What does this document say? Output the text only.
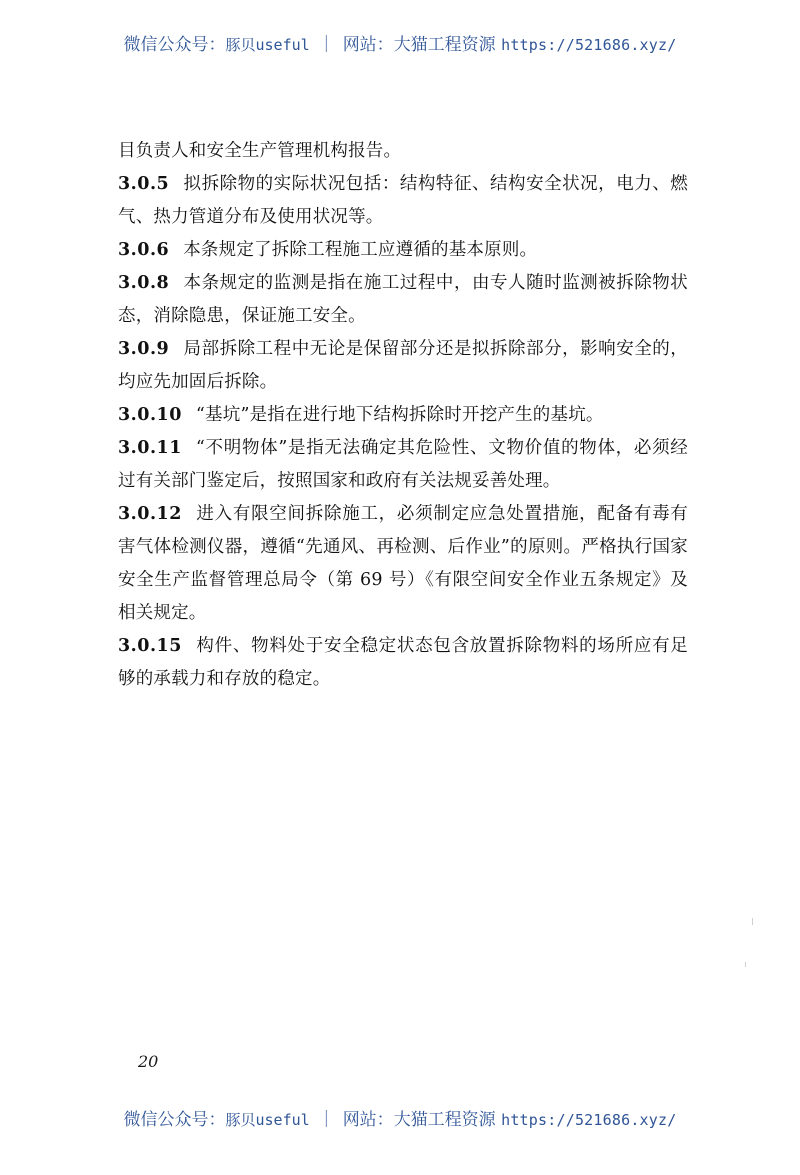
微信公众号：豚贝useful ｜ 网站：大猫工程资源 https://521686.xyz/

目负责人和安全生产管理机构报告。

3.0.5 拟拆除物的实际状况包括：结构特征、结构安全状况，电力、燃气、热力管道分布及使用状况等。

3.0.6 本条规定了拆除工程施工应遵循的基本原则。

3.0.8 本条规定的监测是指在施工过程中，由专人随时监测被拆除物状态，消除隐患，保证施工安全。

3.0.9 局部拆除工程中无论是保留部分还是拟拆除部分，影响安全的，均应先加固后拆除。

3.0.10 “基坑”是指在进行地下结构拆除时开挖产生的基坑。

3.0.11 “不明物体”是指无法确定其危险性、文物价值的物体，必须经过有关部门鉴定后，按照国家和政府有关法规妥善处理。

3.0.12 进入有限空间拆除施工，必须制定应急处置措施，配备有毒有害气体检测仪器，遵循“先通风、再检测、后作业”的原则。严格执行国家安全生产监督管理总局令（第 69 号）《有限空间安全作业五条规定》及相关规定。

3.0.15 构件、物料处于安全稳定状态包含放置拆除物料的场所应有足够的承载力和存放的稳定。

20
微信公众号：豚贝useful ｜ 网站：大猫工程资源 https://521686.xyz/
